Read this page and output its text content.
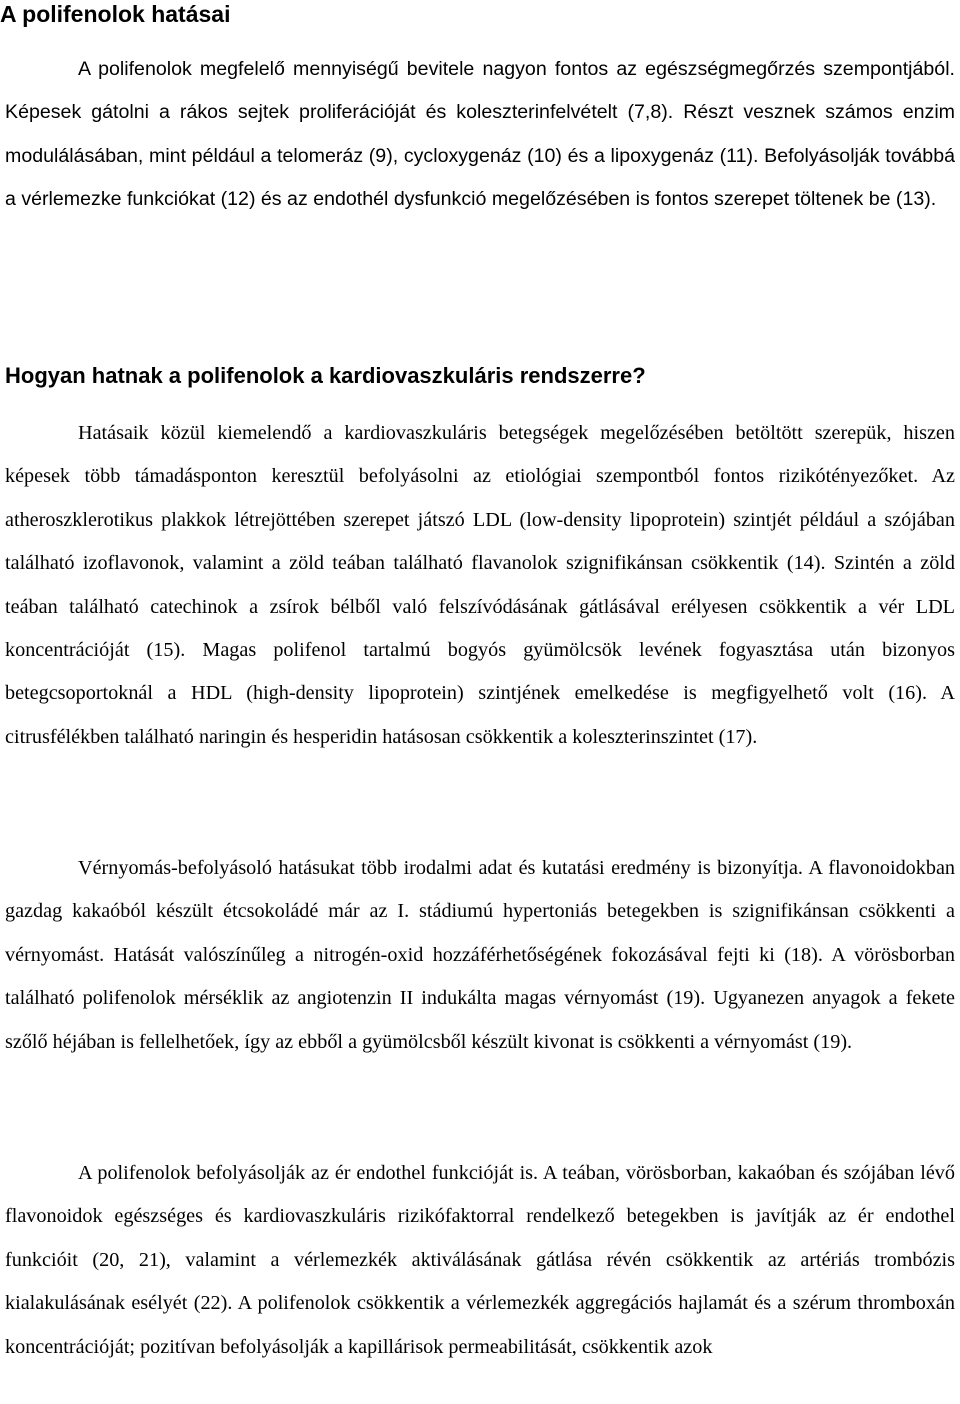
A polifenolok hatásai

A polifenolok megfelelő mennyiségű bevitele nagyon fontos az egészségmegőrzés szempontjából. Képesek gátolni a rákos sejtek proliferációját és koleszterinfelvételt (7,8). Részt vesznek számos enzim modulálásában, mint például a telomeráz (9), cycloxygenáz (10) és a lipoxygenáz (11). Befolyásolják továbbá a vérlemezke funkciókat (12) és az endothél dysfunkció megelőzésében is fontos szerepet töltenek be (13).

Hogyan hatnak a polifenolok a kardiovaszkuláris rendszerre?

Hatásaik közül kiemelendő a kardiovaszkuláris betegségek megelőzésében betöltött szerepük, hiszen képesek több támadásponton keresztül befolyásolni az etiológiai szempontból fontos rizikótényezőket. Az atheroszklerotikus plakkok létrejöttében szerepet játszó LDL (low-density lipoprotein) szintjét például a szójában található izoflavonok, valamint a zöld teában található flavanolok szignifikánsan csökkentik (14). Szintén a zöld teában található catechinok a zsírok bélből való felszívódásának gátlásával erélyesen csökkentik a vér LDL koncentrációját (15). Magas polifenol tartalmú bogyós gyümölcsök levének fogyasztása után bizonyos betegcsoportoknál a HDL (high-density lipoprotein) szintjének emelkedése is megfigyelhető volt (16). A citrusfélékben található naringin és hesperidin hatásosan csökkentik a koleszterinszintet (17).

Vérnyomás-befolyásoló hatásukat több irodalmi adat és kutatási eredmény is bizonyítja. A flavonoidokban gazdag kakaóból készült étcsokoládé már az I. stádiumú hypertoniás betegekben is szignifikánsan csökkenti a vérnyomást. Hatását valószínűleg a nitrogén-oxid hozzáférhetőségének fokozásával fejti ki (18). A vörösborban található polifenolok mérséklik az angiotenzin II indukálta magas vérnyomást (19). Ugyanezen anyagok a fekete szőlő héjában is fellelhetőek, így az ebből a gyümölcsből készült kivonat is csökkenti a vérnyomást (19).

A polifenolok befolyásolják az ér endothel funkcióját is. A teában, vörösborban, kakaóban és szójában lévő flavonoidok egészséges és kardiovaszkuláris rizikófaktorral rendelkező betegekben is javítják az ér endothel funkcióit (20, 21), valamint a vérlemezkék aktiválásának gátlása révén csökkentik az artériás trombózis kialakulásának esélyét (22). A polifenolok csökkentik a vérlemezkék aggregációs hajlamát és a szérum thromboxán koncentrációját; pozitívan befolyásolják a kapillárisok permeabilitását, csökkentik azok
